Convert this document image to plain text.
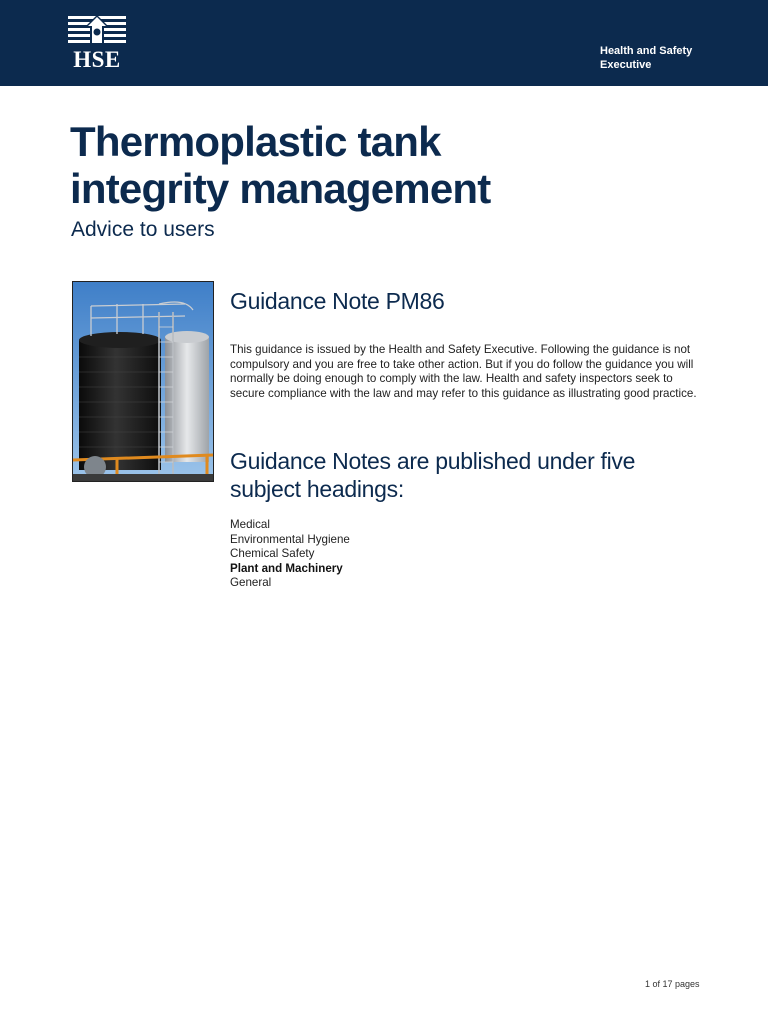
HSE	Health and Safety
Executive
Thermoplastic tank
integrity management
Advice to users
Guidance Note PM86

This guidance is issued by the Health and Safety Executive. Following the guidance is not compulsory and you are free to take other action. But if you do follow the guidance you will normally be doing enough to comply with the law. Health and safety inspectors seek to secure compliance with the law and may refer to this guidance as illustrating good practice.

Guidance Notes are published under five subject headings:
Medical
Environmental Hygiene
Chemical Safety
Plant and Machinery
General
1 of 17 pages
